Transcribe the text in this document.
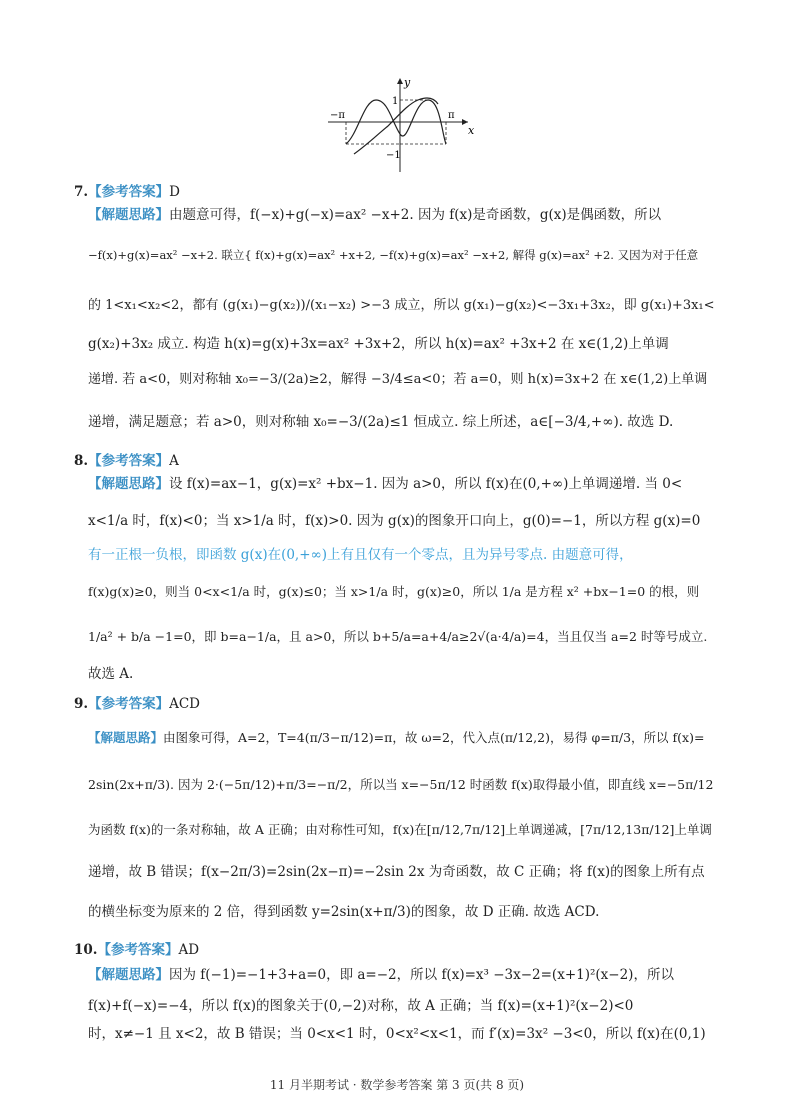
y
x
−π	π
1
−1
7.【参考答案】D
【解题思路】由题意可得，f(−x)+g(−x)=ax² −x+2. 因为 f(x)是奇函数，g(x)是偶函数，所以
−f(x)+g(x)=ax² −x+2. 联立{ f(x)+g(x)=ax² +x+2, −f(x)+g(x)=ax² −x+2, 解得 g(x)=ax² +2. 又因为对于任意
的 1<x₁<x₂<2，都有 (g(x₁)−g(x₂))/(x₁−x₂) >−3 成立，所以 g(x₁)−g(x₂)<−3x₁+3x₂，即 g(x₁)+3x₁<
g(x₂)+3x₂ 成立. 构造 h(x)=g(x)+3x=ax² +3x+2，所以 h(x)=ax² +3x+2 在 x∈(1,2)上单调
递增. 若 a<0，则对称轴 x₀=−3/(2a)≥2，解得 −3/4≤a<0；若 a=0，则 h(x)=3x+2 在 x∈(1,2)上单调
递增，满足题意；若 a>0，则对称轴 x₀=−3/(2a)≤1 恒成立. 综上所述，a∈[−3/4,+∞). 故选 D.
8.【参考答案】A
【解题思路】设 f(x)=ax−1，g(x)=x² +bx−1. 因为 a>0，所以 f(x)在(0,+∞)上单调递增. 当 0<
x<1/a 时，f(x)<0；当 x>1/a 时，f(x)>0. 因为 g(x)的图象开口向上，g(0)=−1，所以方程 g(x)=0
有一正根一负根，即函数 g(x)在(0,+∞)上有且仅有一个零点，且为异号零点. 由题意可得，
f(x)g(x)≥0，则当 0<x<1/a 时，g(x)≤0；当 x>1/a 时，g(x)≥0，所以 1/a 是方程 x² +bx−1=0 的根，则
1/a² + b/a −1=0，即 b=a−1/a，且 a>0，所以 b+5/a=a+4/a≥2√(a·4/a)=4，当且仅当 a=2 时等号成立.
故选 A.
9.【参考答案】ACD
【解题思路】由图象可得，A=2，T=4(π/3−π/12)=π，故 ω=2，代入点(π/12,2)，易得 φ=π/3，所以 f(x)=
2sin(2x+π/3). 因为 2·(−5π/12)+π/3=−π/2，所以当 x=−5π/12 时函数 f(x)取得最小值，即直线 x=−5π/12
为函数 f(x)的一条对称轴，故 A 正确；由对称性可知，f(x)在[π/12,7π/12]上单调递减，[7π/12,13π/12]上单调
递增，故 B 错误；f(x−2π/3)=2sin(2x−π)=−2sin 2x 为奇函数，故 C 正确；将 f(x)的图象上所有点
的横坐标变为原来的 2 倍，得到函数 y=2sin(x+π/3)的图象，故 D 正确. 故选 ACD.
10.【参考答案】AD
【解题思路】因为 f(−1)=−1+3+a=0，即 a=−2，所以 f(x)=x³ −3x−2=(x+1)²(x−2)，所以
f(x)+f(−x)=−4，所以 f(x)的图象关于(0,−2)对称，故 A 正确；当 f(x)=(x+1)²(x−2)<0
时，x≠−1 且 x<2，故 B 错误；当 0<x<1 时，0<x²<x<1，而 f′(x)=3x² −3<0，所以 f(x)在(0,1)
11 月半期考试 · 数学参考答案 第 3 页(共 8 页)
